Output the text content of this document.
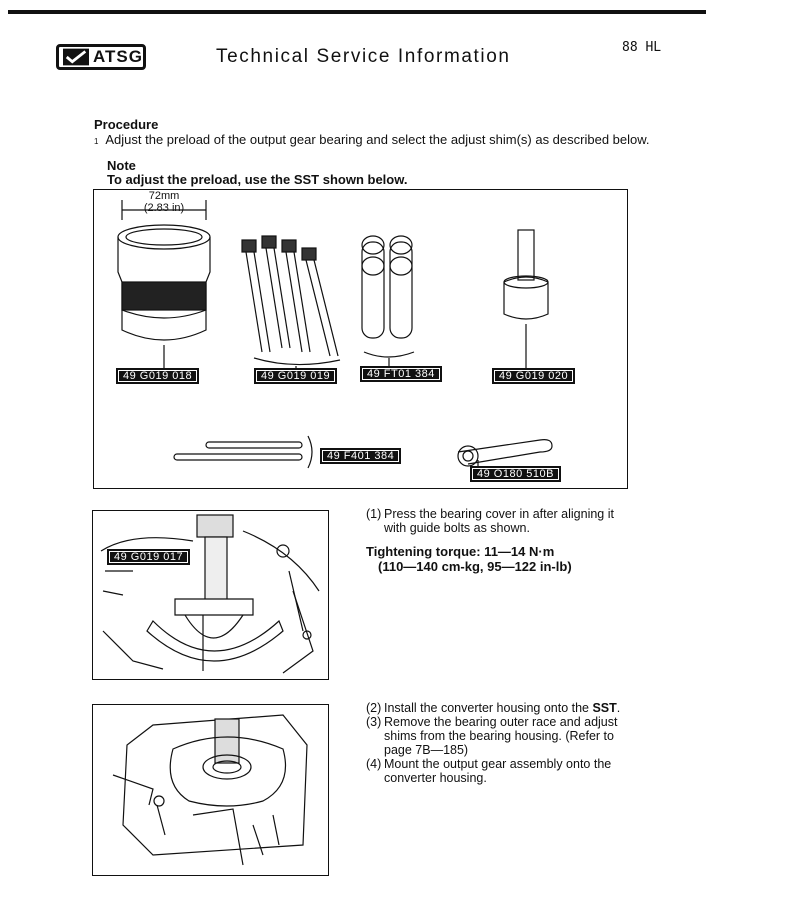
ATSG	Technical Service Information	88 HL
Procedure
1 Adjust the preload of the output gear bearing and select the adjust shim(s) as described below.
Note
To adjust the preload, use the SST shown below.
72mm
(2.83 in)
49 G019 018	49 G019 019	49 FT01 384	49 G019 020
49 F401 384
49 O180 510B
49 G019 017
(1) Press the bearing cover in after aligning it with guide bolts as shown.
Tightening torque: 11—14 N·m
(110—140 cm-kg, 95—122 in-lb)
(2) Install the converter housing onto the SST.
(3) Remove the bearing outer race and adjust shims from the bearing housing. (Refer to page 7B—185)
(4) Mount the output gear assembly onto the converter housing.
